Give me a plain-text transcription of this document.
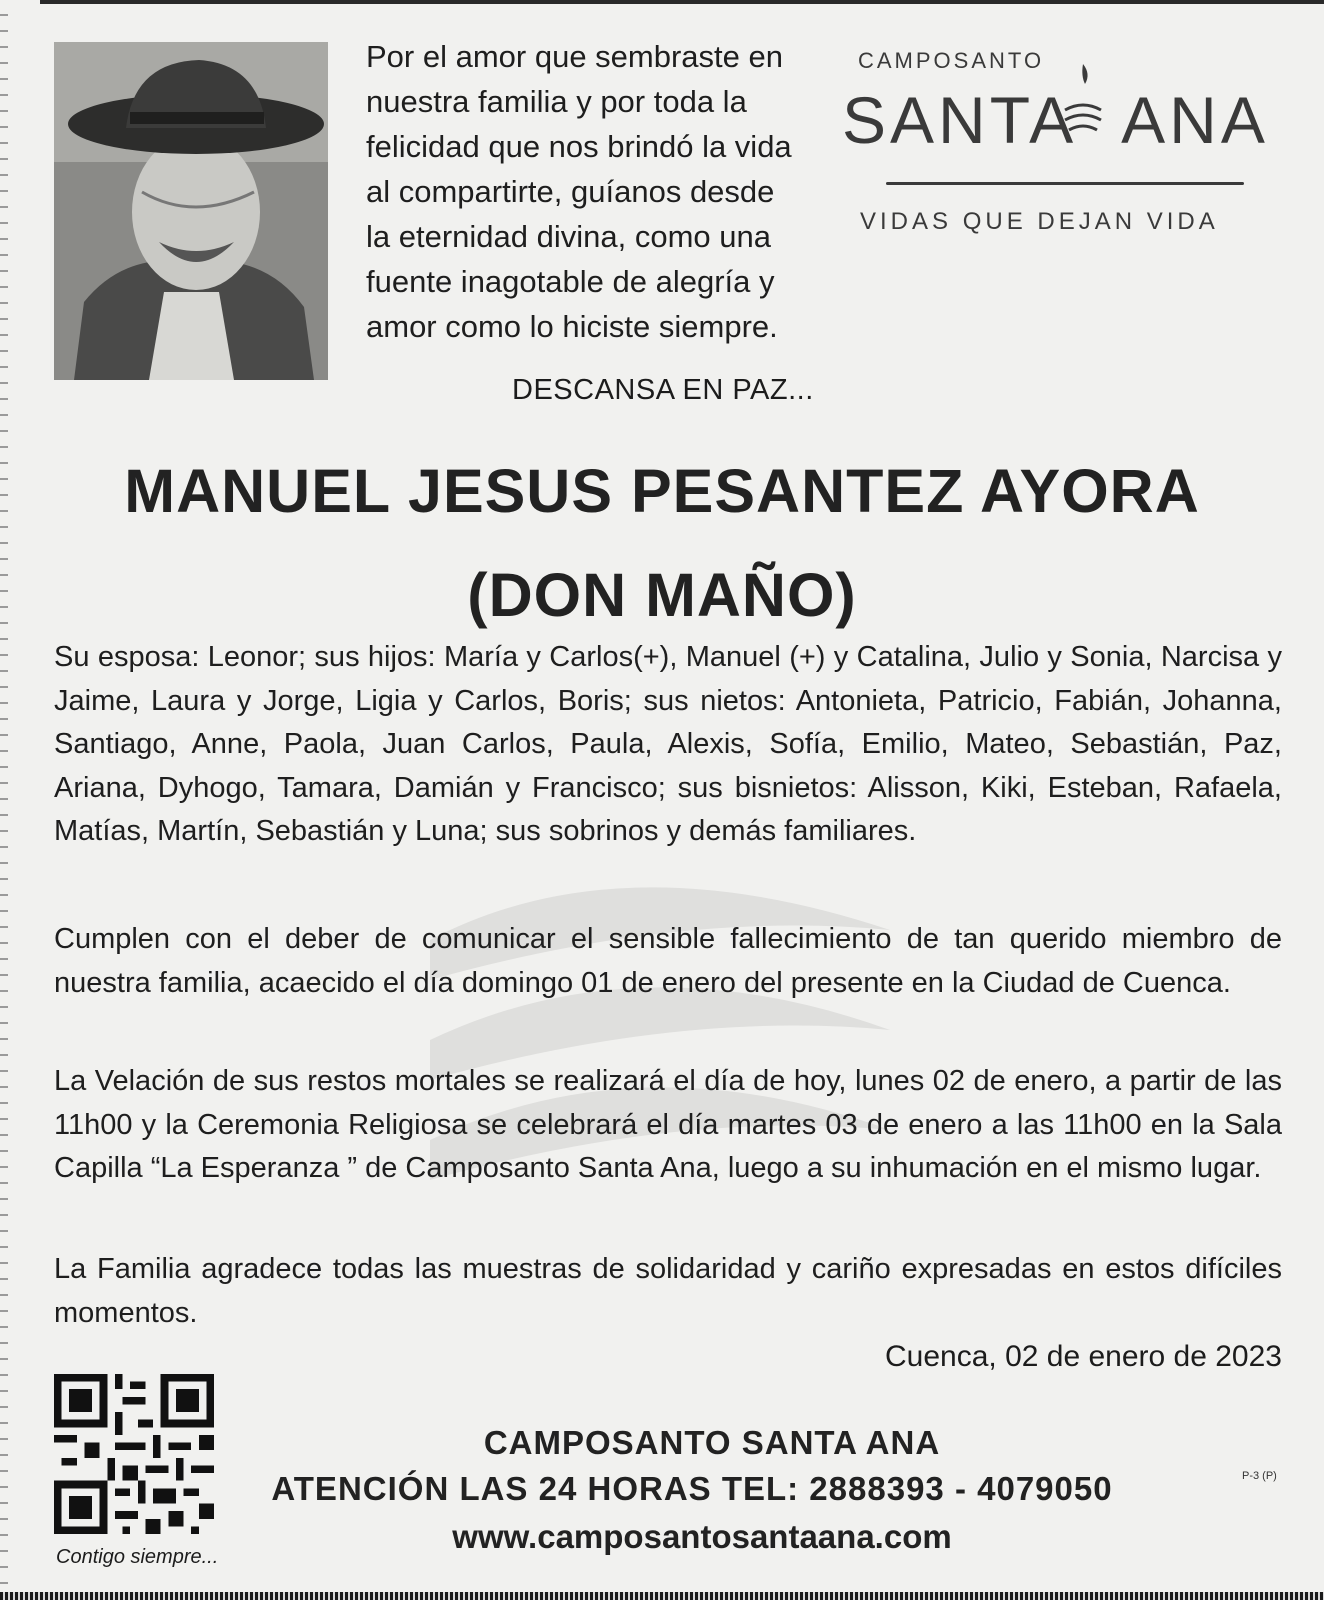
Por el amor que sembraste en
nuestra familia y por toda la
felicidad que nos brindó la vida
al compartirte, guíanos desde
la eternidad divina, como una
fuente inagotable de alegría y
amor como lo hiciste siempre.
CAMPOSANTO
SANTA ANA
VIDAS QUE DEJAN VIDA
DESCANSA EN PAZ...
MANUEL JESUS PESANTEZ AYORA
(DON MAÑO)
Su esposa: Leonor; sus hijos: María y Carlos(+), Manuel (+) y Catalina, Julio y Sonia, Narcisa y Jaime, Laura y Jorge, Ligia y Carlos, Boris; sus nietos: Antonieta, Patricio, Fabián, Johanna, Santiago, Anne, Paola, Juan Carlos, Paula, Alexis, Sofía, Emilio, Mateo, Sebastián, Paz, Ariana, Dyhogo, Tamara, Damián y Francisco; sus bisnietos: Alisson, Kiki, Esteban, Rafaela, Matías, Martín, Sebastián y Luna; sus sobrinos y demás familiares.
Cumplen con el deber de comunicar el sensible fallecimiento de tan querido miembro de nuestra familia, acaecido el día domingo 01 de enero del presente en la Ciudad de Cuenca.
La Velación de sus restos mortales se realizará el día de hoy, lunes 02 de enero, a partir de las 11h00 y la Ceremonia Religiosa se celebrará el día martes 03 de enero a las 11h00 en la Sala Capilla “La Esperanza ” de Camposanto Santa Ana, luego a su inhumación en el mismo lugar.
La Familia agradece todas las muestras de solidaridad y cariño expresadas en estos difíciles momentos.
Cuenca, 02 de enero de 2023
Contigo siempre...
CAMPOSANTO SANTA ANA
ATENCIÓN LAS 24 HORAS TEL: 2888393 - 4079050
www.camposantosantaana.com
P-3 (P)
